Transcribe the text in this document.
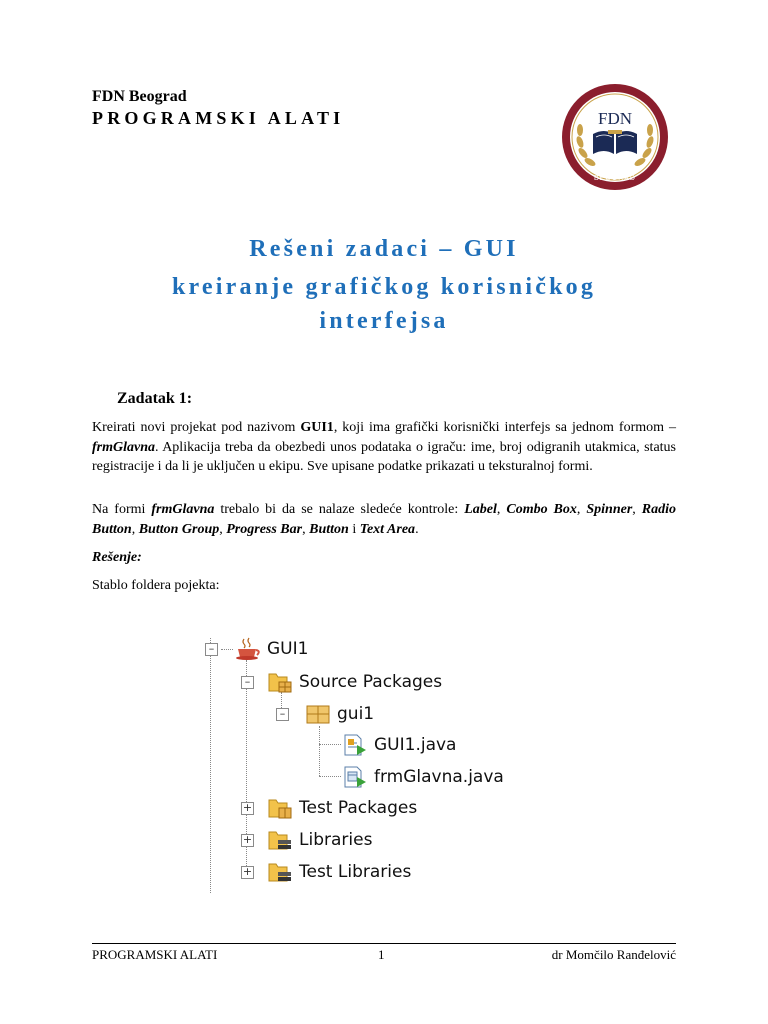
FDN Beograd
PROGRAMSKI ALATI	FDN
BEOGRAD
Rešeni zadaci – GUI
kreiranje grafičkog korisničkog
interfejsa
Zadatak 1:
Kreirati novi projekat pod nazivom GUI1, koji ima grafički korisnički interfejs sa jednom formom – frmGlavna. Aplikacija treba da obezbedi unos podataka o igraču: ime, broj odigranih utakmica, status registracije i da li je uključen u ekipu. Sve upisane podatke prikazati u teksturalnoj formi.
Na formi frmGlavna trebalo bi da se nalaze sledeće kontrole: Label, Combo Box, Spinner, Radio Button, Button Group, Progress Bar, Button i Text Area.
Rešenje:
Stablo foldera pojekta:
–	GUI1
–	Source Packages
–	gui1
GUI1.java
frmGlavna.java
+	Test Packages
+	Libraries
+	Test Libraries
PROGRAMSKI ALATI	1	dr Momčilo Ranđelović
